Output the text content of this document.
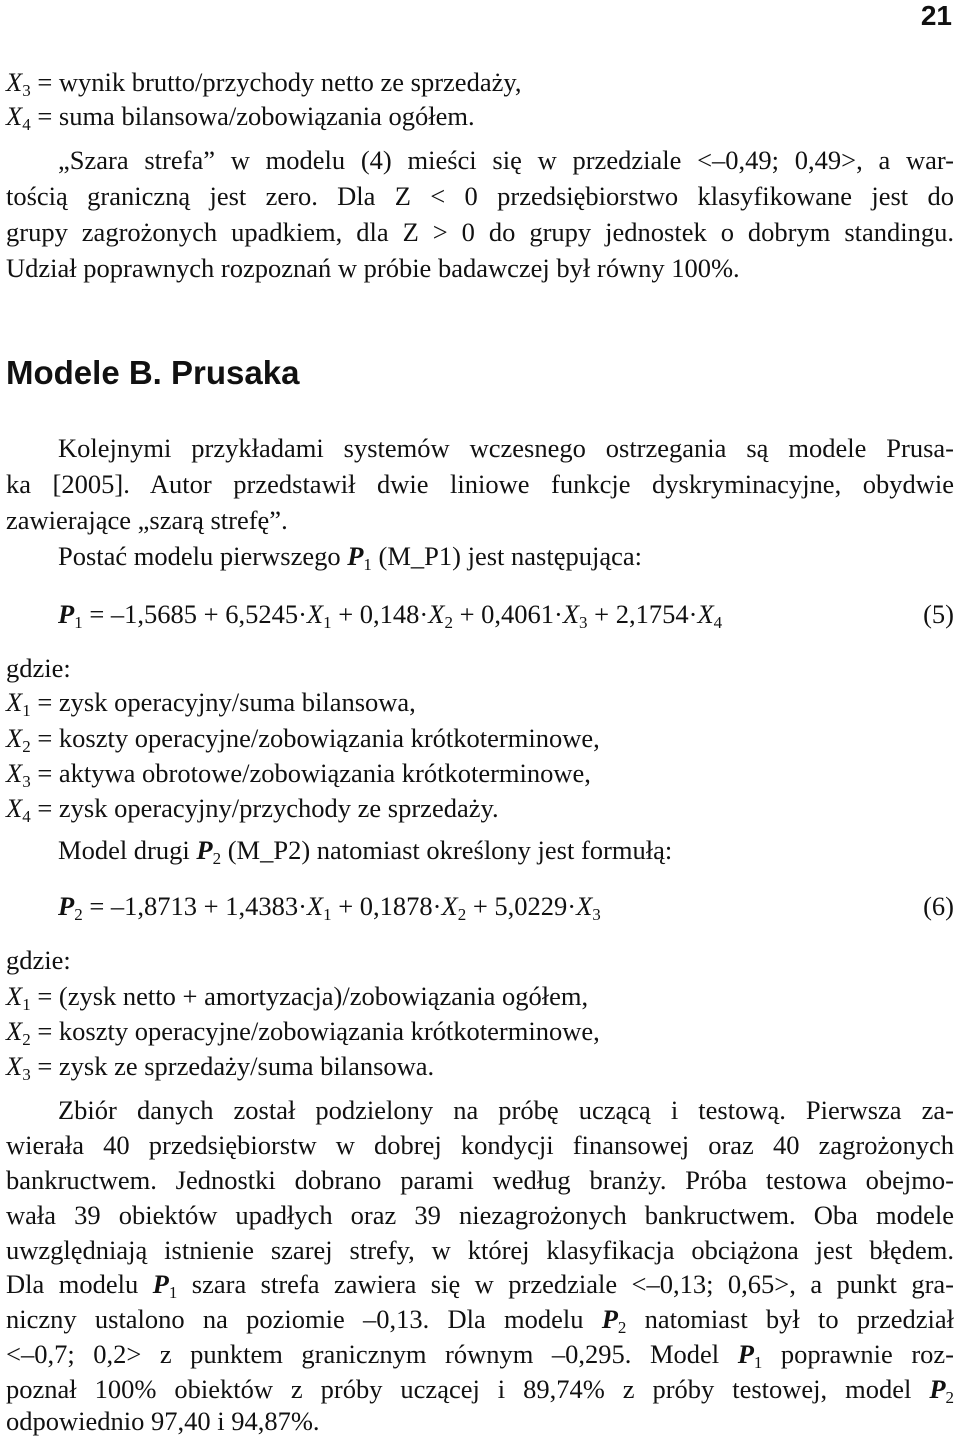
21
$X_3$ = wynik brutto/przychody netto ze sprzedaży,
$X_4$ = suma bilansowa/zobowiązania ogółem.
„Szara strefa” w modelu (4) mieści się w przedziale <–0,49; 0,49>, a war-
tością graniczną jest zero. Dla Z < 0 przedsiębiorstwo klasyfikowane jest do
grupy zagrożonych upadkiem, dla Z > 0 do grupy jednostek o dobrym standingu.
Udział poprawnych rozpoznań w próbie badawczej był równy 100%.
Modele B. Prusaka
Kolejnymi przykładami systemów wczesnego ostrzegania są modele Prusa-
ka [2005]. Autor przedstawił dwie liniowe funkcje dyskryminacyjne, obydwie
zawierające „szarą strefę”.
Postać modelu pierwszego $P_1$ (M_P1) jest następująca:
$P_1 = -1,5685 + 6,5245\cdot X_1 + 0,148\cdot X_2 + 0,4061\cdot X_3 + 2,1754\cdot X_4$	(5)
gdzie:
$X_1$ = zysk operacyjny/suma bilansowa,
$X_2$ = koszty operacyjne/zobowiązania krótkoterminowe,
$X_3$ = aktywa obrotowe/zobowiązania krótkoterminowe,
$X_4$ = zysk operacyjny/przychody ze sprzedaży.
Model drugi $P_2$ (M_P2) natomiast określony jest formułą:
$P_2 = -1,8713 + 1,4383\cdot X_1 + 0,1878\cdot X_2 + 5,0229\cdot X_3$	(6)
gdzie:
$X_1$ = (zysk netto + amortyzacja)/zobowiązania ogółem,
$X_2$ = koszty operacyjne/zobowiązania krótkoterminowe,
$X_3$ = zysk ze sprzedaży/suma bilansowa.
Zbiór danych został podzielony na próbę uczącą i testową. Pierwsza za-
wierała 40 przedsiębiorstw w dobrej kondycji finansowej oraz 40 zagrożonych
bankructwem. Jednostki dobrano parami według branży. Próba testowa obejmo-
wała 39 obiektów upadłych oraz 39 niezagrożonych bankructwem. Oba modele
uwzględniają istnienie szarej strefy, w której klasyfikacja obciążona jest błędem.
Dla modelu $P_1$ szara strefa zawiera się w przedziale <–0,13; 0,65>, a punkt gra-
niczny ustalono na poziomie –0,13. Dla modelu $P_2$ natomiast był to przedział
<–0,7; 0,2> z punktem granicznym równym –0,295. Model $P_1$ poprawnie roz-
poznał 100% obiektów z próby uczącej i 89,74% z próby testowej, model $P_2$
odpowiednio 97,40 i 94,87%.
